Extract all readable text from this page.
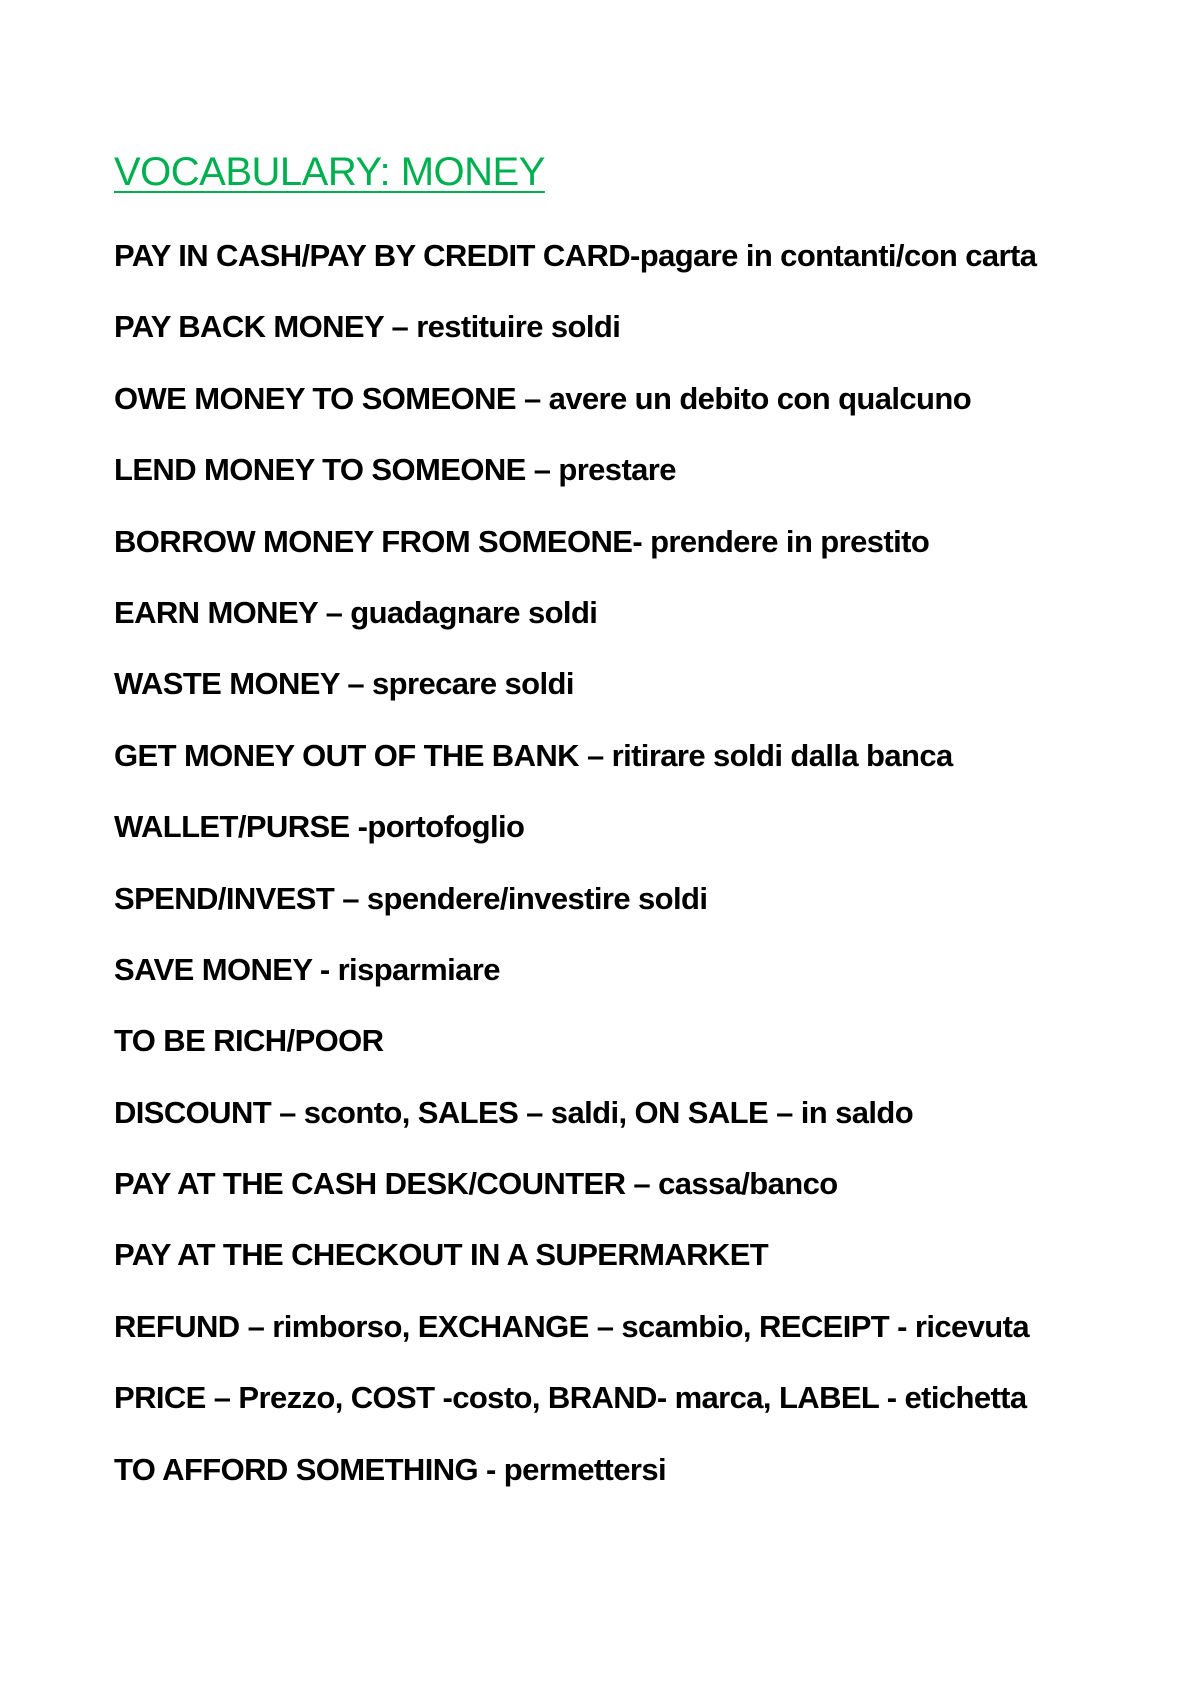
VOCABULARY: MONEY
PAY IN CASH/PAY BY CREDIT CARD-pagare in contanti/con carta
PAY BACK MONEY – restituire soldi
OWE MONEY TO SOMEONE – avere un debito con qualcuno
LEND MONEY TO SOMEONE – prestare
BORROW MONEY FROM SOMEONE- prendere in prestito
EARN MONEY – guadagnare soldi
WASTE MONEY – sprecare soldi
GET MONEY OUT OF THE BANK – ritirare soldi dalla banca
WALLET/PURSE -portofoglio
SPEND/INVEST – spendere/investire soldi
SAVE MONEY - risparmiare
TO BE RICH/POOR
DISCOUNT – sconto, SALES – saldi, ON SALE – in saldo
PAY AT THE CASH DESK/COUNTER – cassa/banco
PAY AT THE CHECKOUT IN A SUPERMARKET
REFUND – rimborso, EXCHANGE – scambio, RECEIPT - ricevuta
PRICE – Prezzo, COST -costo, BRAND- marca, LABEL - etichetta
TO AFFORD SOMETHING - permettersi
